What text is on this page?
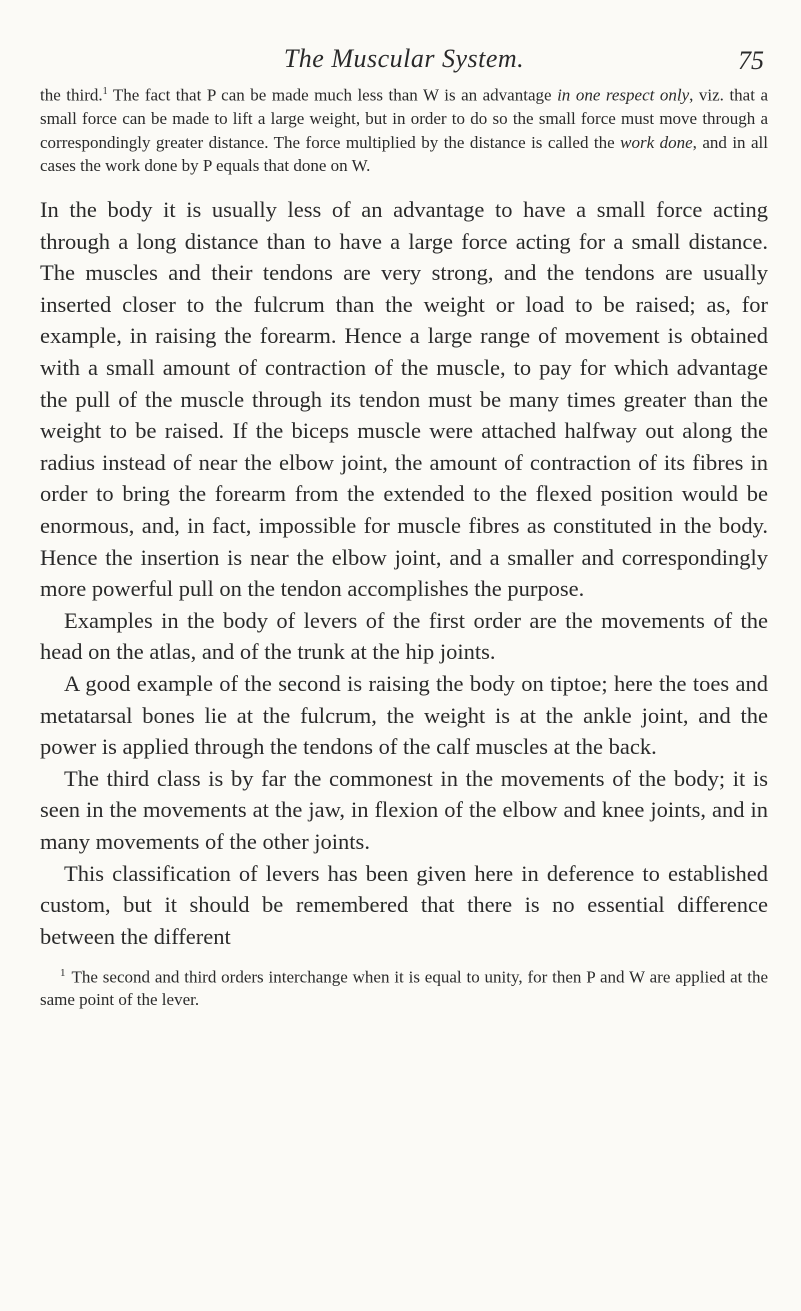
The Muscular System.	75

the third.$^1$ The fact that P can be made much less than W is an advantage in one respect only, viz. that a small force can be made to lift a large weight, but in order to do so the small force must move through a correspondingly greater distance. The force multiplied by the distance is called the work done, and in all cases the work done by P equals that done on W.

In the body it is usually less of an advantage to have a small force acting through a long distance than to have a large force acting for a small distance. The muscles and their tendons are very strong, and the tendons are usually inserted closer to the fulcrum than the weight or load to be raised; as, for example, in raising the forearm. Hence a large range of movement is obtained with a small amount of contraction of the muscle, to pay for which advantage the pull of the muscle through its tendon must be many times greater than the weight to be raised. If the biceps muscle were attached halfway out along the radius instead of near the elbow joint, the amount of contraction of its fibres in order to bring the forearm from the extended to the flexed position would be enormous, and, in fact, impossible for muscle fibres as constituted in the body. Hence the insertion is near the elbow joint, and a smaller and correspondingly more powerful pull on the tendon accomplishes the purpose.

Examples in the body of levers of the first order are the movements of the head on the atlas, and of the trunk at the hip joints.

A good example of the second is raising the body on tiptoe; here the toes and metatarsal bones lie at the fulcrum, the weight is at the ankle joint, and the power is applied through the tendons of the calf muscles at the back.

The third class is by far the commonest in the movements of the body; it is seen in the movements at the jaw, in flexion of the elbow and knee joints, and in many movements of the other joints.

This classification of levers has been given here in deference to established custom, but it should be remembered that there is no essential difference between the different

$^1$ The second and third orders interchange when it is equal to unity, for then P and W are applied at the same point of the lever.
